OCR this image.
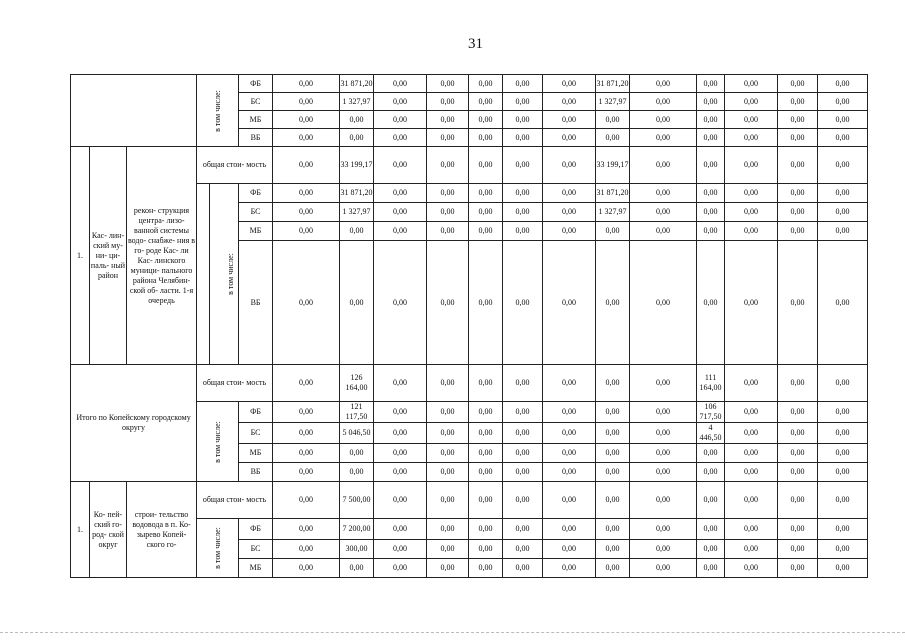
31
			в том числе:		ФБ	0,00	31 871,20	0,00	0,00	0,00	0,00	0,00	31 871,20	0,00	0,00	0,00	0,00	0,00	
					БС	0,00	1 327,97	0,00	0,00	0,00	0,00	0,00	1 327,97	0,00	0,00	0,00	0,00	0,00	
					МБ	0,00	0,00	0,00	0,00	0,00	0,00	0,00	0,00	0,00	0,00	0,00	0,00	0,00	
					ВБ	0,00	0,00	0,00	0,00	0,00	0,00	0,00	0,00	0,00	0,00	0,00	0,00	0,00	
1.	Кас- лин- ский му- ни- ци- паль- ный район	рекон- струкция центра- лизо- ванной системы водо- снабже- ния в го- роде Кас- ли Кас- линского муници- пального района Челябин- ской об- ласти. 1-я очередь	общая стои- мость			0,00	33 199,17	0,00	0,00	0,00	0,00	0,00	33 199,17	0,00	0,00	0,00	0,00	0,00	
				в том числе:	ФБ	0,00	31 871,20	0,00	0,00	0,00	0,00	0,00	31 871,20	0,00	0,00	0,00	0,00	0,00	
					БС	0,00	1 327,97	0,00	0,00	0,00	0,00	0,00	1 327,97	0,00	0,00	0,00	0,00	0,00	
					МБ	0,00	0,00	0,00	0,00	0,00	0,00	0,00	0,00	0,00	0,00	0,00	0,00	0,00	
					ВБ	0,00	0,00	0,00	0,00	0,00	0,00	0,00	0,00	0,00	0,00	0,00	0,00	0,00	
Итого по Копейскому городскому округу			общая стои- мость			0,00	126 164,00	0,00	0,00	0,00	0,00	0,00	0,00	0,00	111 164,00	0,00	0,00	0,00	
			в том числе:		ФБ	0,00	121 117,50	0,00	0,00	0,00	0,00	0,00	0,00	0,00	106 717,50	0,00	0,00	0,00	
					БС	0,00	5 046,50	0,00	0,00	0,00	0,00	0,00	0,00	0,00	4 446,50	0,00	0,00	0,00	
					МБ	0,00	0,00	0,00	0,00	0,00	0,00	0,00	0,00	0,00	0,00	0,00	0,00	0,00	
					ВБ	0,00	0,00	0,00	0,00	0,00	0,00	0,00	0,00	0,00	0,00	0,00	0,00	0,00	
1.	Ко- пей- ский го- род- ской округ	строи- тельство водовода в п. Ко- зырево Копей- ского го-	общая стои- мость			0,00	7 500,00	0,00	0,00	0,00	0,00	0,00	0,00	0,00	0,00	0,00	0,00	0,00	
			в том числе:		ФБ	0,00	7 200,00	0,00	0,00	0,00	0,00	0,00	0,00	0,00	0,00	0,00	0,00	0,00	
					БС	0,00	300,00	0,00	0,00	0,00	0,00	0,00	0,00	0,00	0,00	0,00	0,00	0,00	
					МБ	0,00	0,00	0,00	0,00	0,00	0,00	0,00	0,00	0,00	0,00	0,00	0,00	0,00	
